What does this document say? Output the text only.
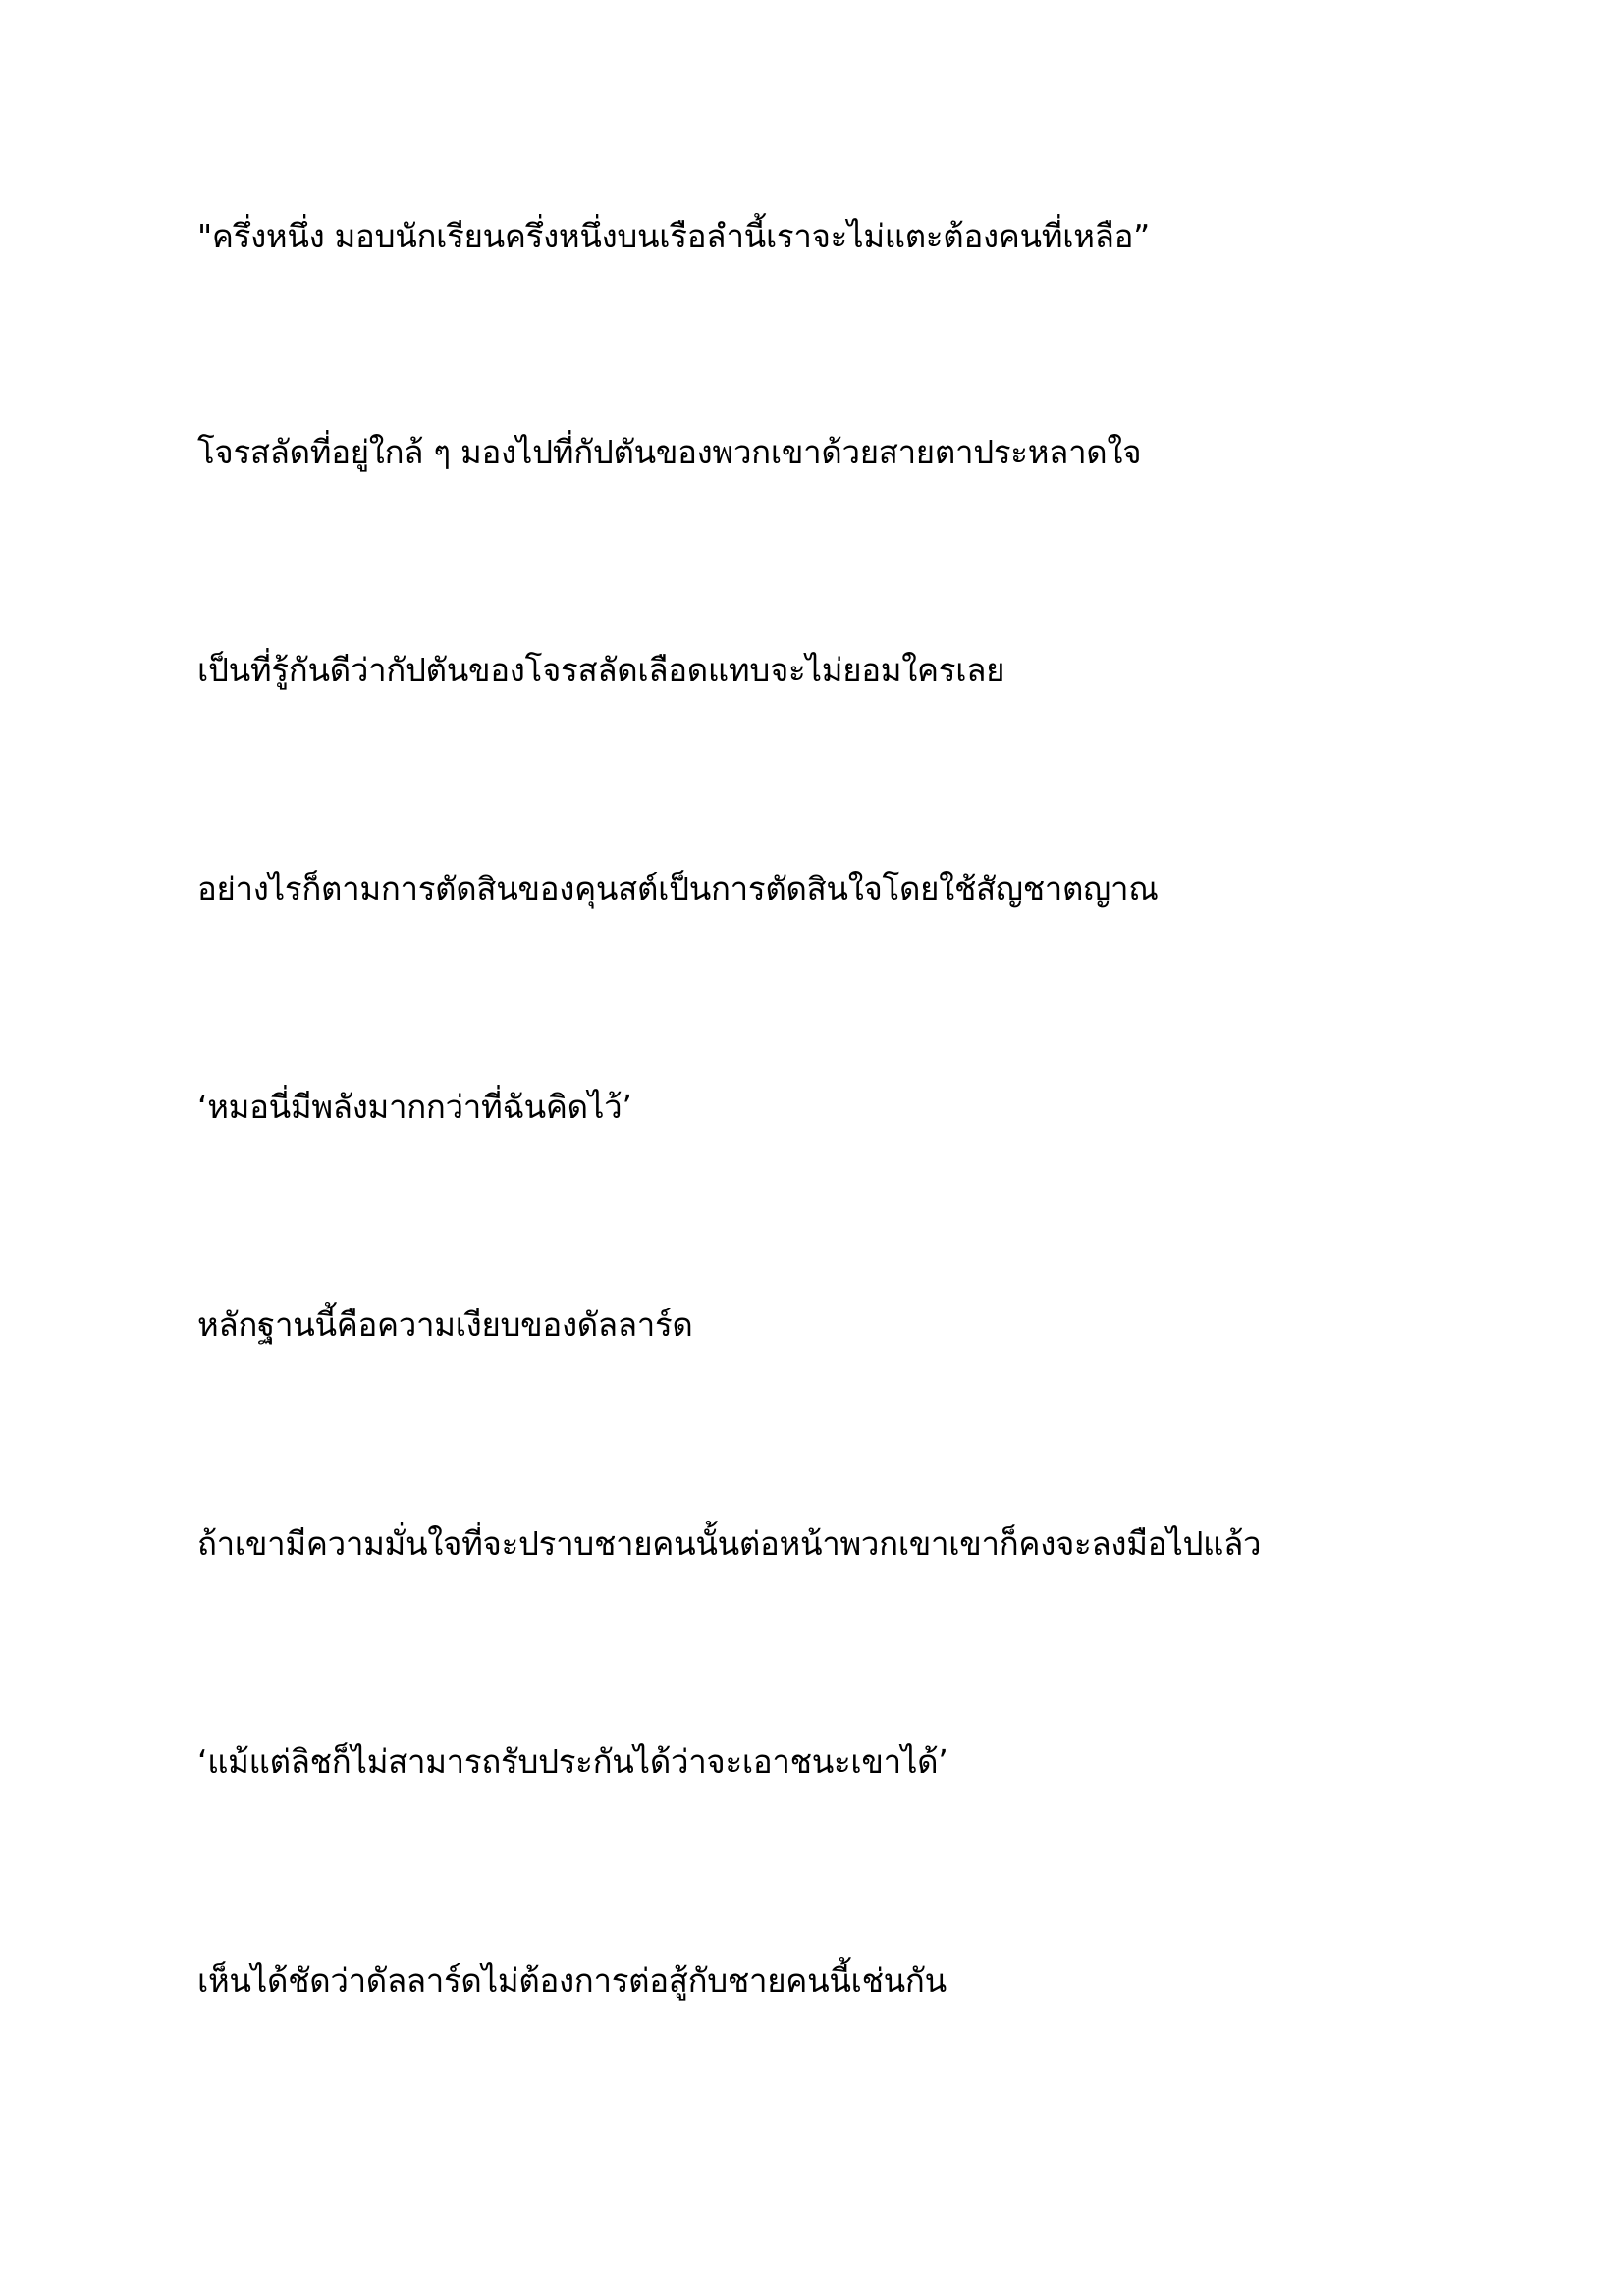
"ครึ่งหนึ่ง มอบนักเรียนครึ่งหนึ่งบนเรือลำนี้เราจะไม่แตะต้องคนที่เหลือ”

โจรสลัดที่อยู่ใกล้ ๆ มองไปที่กัปตันของพวกเขาด้วยสายตาประหลาดใจ

เป็นที่รู้กันดีว่ากัปตันของโจรสลัดเลือดแทบจะไม่ยอมใครเลย

อย่างไรก็ตามการตัดสินของคุนสต์เป็นการตัดสินใจโดยใช้สัญชาตญาณ

‘หมอนี่มีพลังมากกว่าที่ฉันคิดไว้’

หลักฐานนี้คือความเงียบของดัลลาร์ด

ถ้าเขามีความมั่นใจที่จะปราบชายคนนั้นต่อหน้าพวกเขาเขาก็คงจะลงมือไปแล้ว

‘แม้แต่ลิชก็ไม่สามารถรับประกันได้ว่าจะเอาชนะเขาได้’

เห็นได้ชัดว่าดัลลาร์ดไม่ต้องการต่อสู้กับชายคนนี้เช่นกัน
